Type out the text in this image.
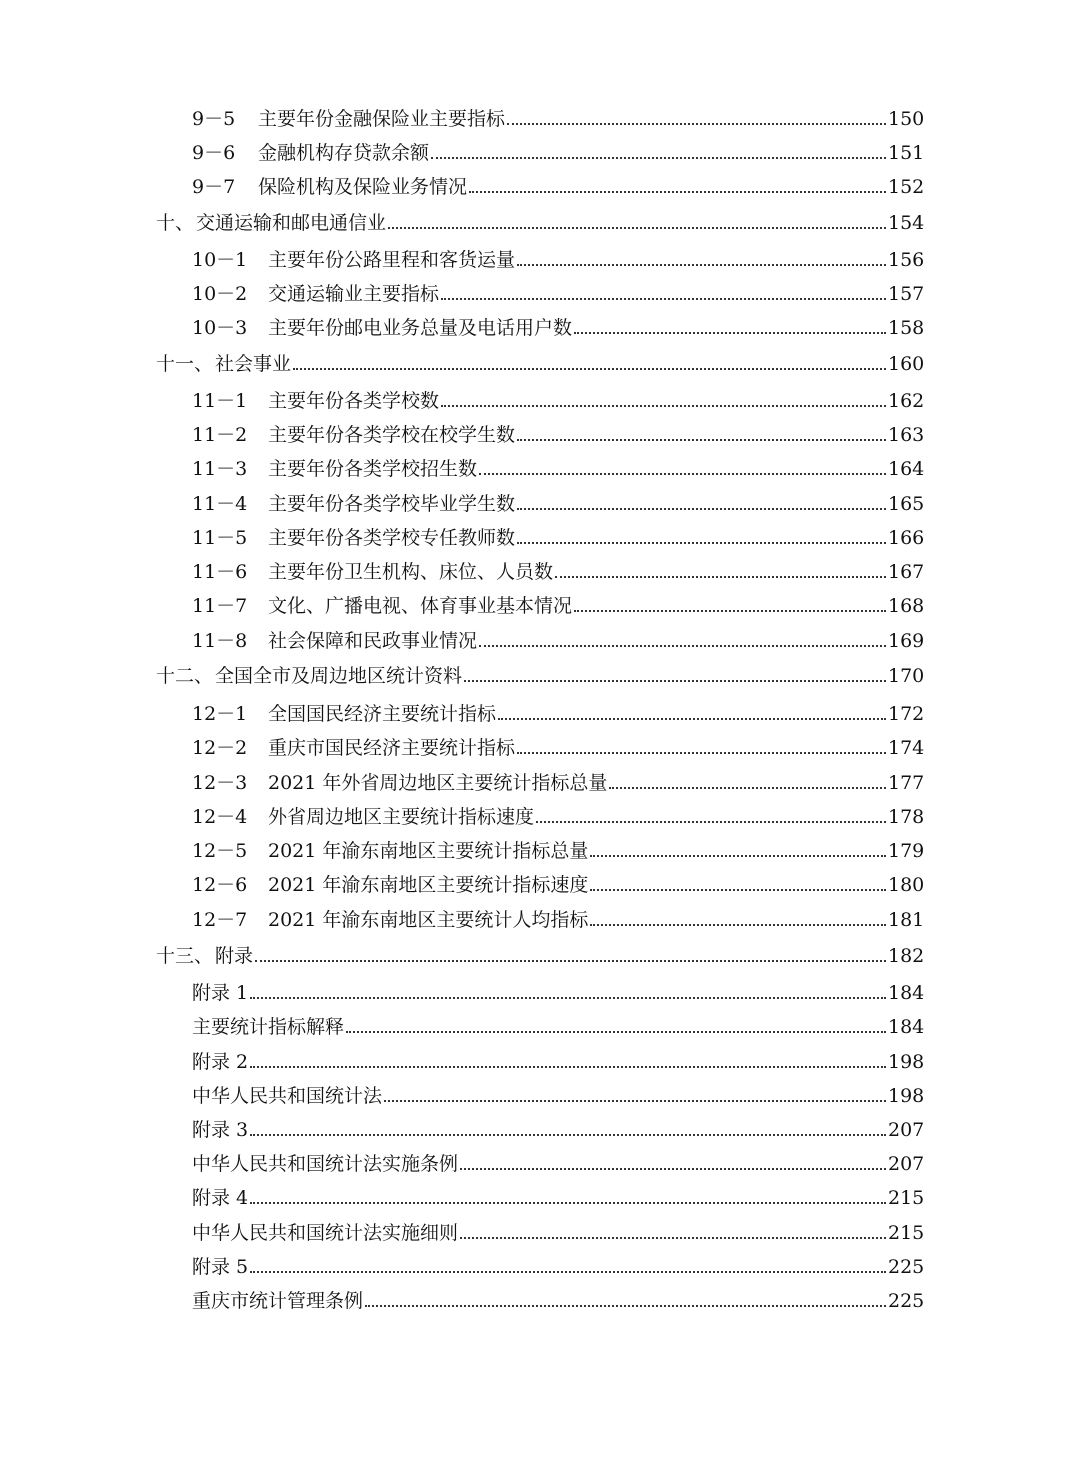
9－5	主要年份金融保险业主要指标	150
9－6	金融机构存贷款余额	151
9－7	保险机构及保险业务情况	152
十、 交通运输和邮电通信业	154
10－1	主要年份公路里程和客货运量	156
10－2	交通运输业主要指标	157
10－3	主要年份邮电业务总量及电话用户数	158
十一、 社会事业	160
11－1	主要年份各类学校数	162
11－2	主要年份各类学校在校学生数	163
11－3	主要年份各类学校招生数	164
11－4	主要年份各类学校毕业学生数	165
11－5	主要年份各类学校专任教师数	166
11－6	主要年份卫生机构、床位、人员数	167
11－7	文化、广播电视、体育事业基本情况	168
11－8	社会保障和民政事业情况	169
十二、 全国全市及周边地区统计资料	170
12－1	全国国民经济主要统计指标	172
12－2	重庆市国民经济主要统计指标	174
12－3	2021 年外省周边地区主要统计指标总量	177
12－4	外省周边地区主要统计指标速度	178
12－5	2021 年渝东南地区主要统计指标总量	179
12－6	2021 年渝东南地区主要统计指标速度	180
12－7	2021 年渝东南地区主要统计人均指标	181
十三、 附录	182
附录 1	184
主要统计指标解释	184
附录 2	198
中华人民共和国统计法	198
附录 3	207
中华人民共和国统计法实施条例	207
附录 4	215
中华人民共和国统计法实施细则	215
附录 5	225
重庆市统计管理条例	225
